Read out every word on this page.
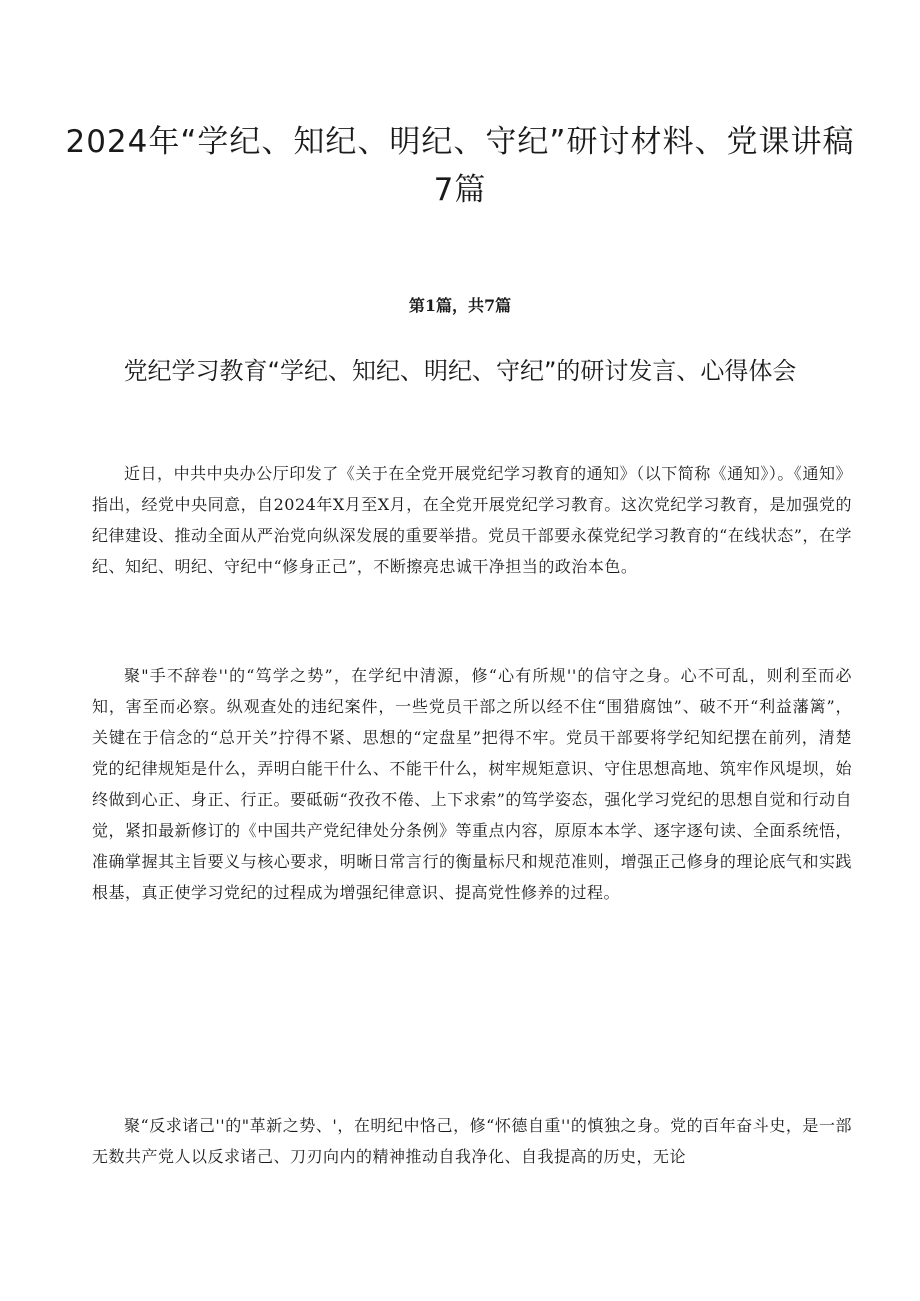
2024年“学纪、知纪、明纪、守纪”研讨材料、党课讲稿7篇
第1篇，共7篇
党纪学习教育“学纪、知纪、明纪、守纪”的研讨发言、心得体会

近日，中共中央办公厅印发了《关于在全党开展党纪学习教育的通知》（以下简称《通知》）。《通知》指出，经党中央同意，自2024年X月至X月，在全党开展党纪学习教育。这次党纪学习教育，是加强党的纪律建设、推动全面从严治党向纵深发展的重要举措。党员干部要永葆党纪学习教育的“在线状态”，在学纪、知纪、明纪、守纪中“修身正己”，不断擦亮忠诚干净担当的政治本色。

聚"手不辞卷''的“笃学之势”，在学纪中清源，修“心有所规''的信守之身。心不可乱，则利至而必知，害至而必察。纵观查处的违纪案件，一些党员干部之所以经不住“围猎腐蚀”、破不开“利益藩篱”，关键在于信念的“总开关”拧得不紧、思想的“定盘星”把得不牢。党员干部要将学纪知纪摆在前列，清楚党的纪律规矩是什么，弄明白能干什么、不能干什么，树牢规矩意识、守住思想高地、筑牢作风堤坝，始终做到心正、身正、行正。要砥砺“孜孜不倦、上下求索”的笃学姿态，强化学习党纪的思想自觉和行动自觉，紧扣最新修订的《中国共产党纪律处分条例》等重点内容，原原本本学、逐字逐句读、全面系统悟，准确掌握其主旨要义与核心要求，明晰日常言行的衡量标尺和规范准则，增强正己修身的理论底气和实践根基，真正使学习党纪的过程成为增强纪律意识、提高党性修养的过程。

聚“反求诸己''的"革新之势、'，在明纪中恪己，修“怀德自重''的慎独之身。党的百年奋斗史，是一部无数共产党人以反求诸己、刀刃向内的精神推动自我净化、自我提高的历史，无论
